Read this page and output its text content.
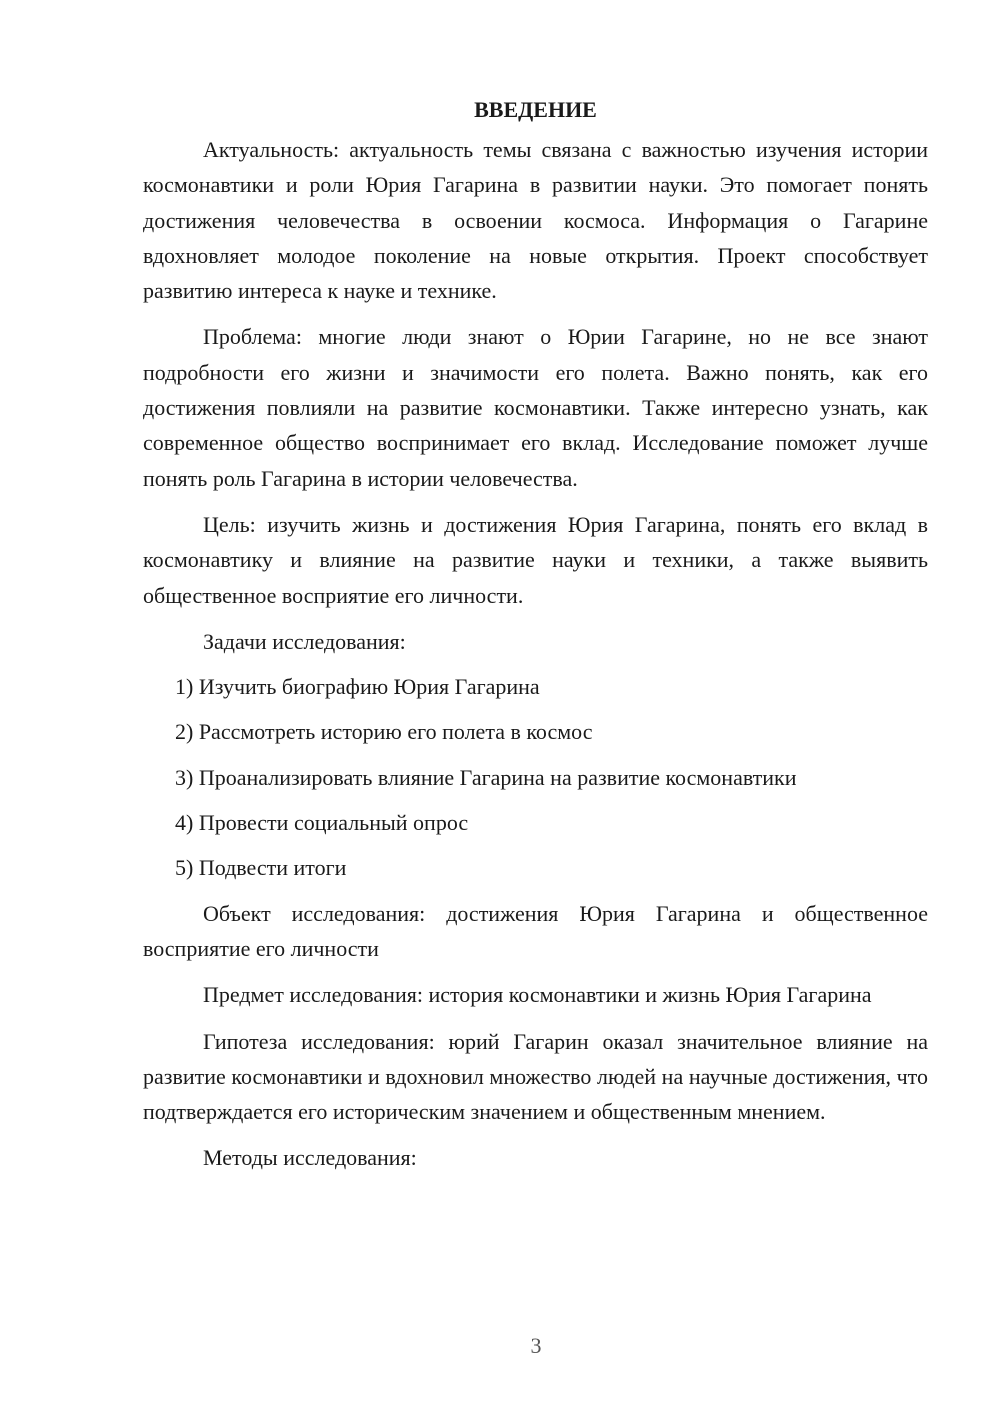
ВВЕДЕНИЕ

Актуальность: актуальность темы связана с важностью изучения истории космонавтики и роли Юрия Гагарина в развитии науки. Это помогает понять достижения человечества в освоении космоса. Информация о Гагарине вдохновляет молодое поколение на новые открытия. Проект способствует развитию интереса к науке и технике.

Проблема: многие люди знают о Юрии Гагарине, но не все знают подробности его жизни и значимости его полета. Важно понять, как его достижения повлияли на развитие космонавтики. Также интересно узнать, как современное общество воспринимает его вклад. Исследование поможет лучше понять роль Гагарина в истории человечества.

Цель: изучить жизнь и достижения Юрия Гагарина, понять его вклад в космонавтику и влияние на развитие науки и техники, а также выявить общественное восприятие его личности.

Задачи исследования:

1) Изучить биографию Юрия Гагарина
2) Рассмотреть историю его полета в космос
3) Проанализировать влияние Гагарина на развитие космонавтики
4) Провести социальный опрос
5) Подвести итоги

Объект исследования: достижения Юрия Гагарина и общественное восприятие его личности

Предмет исследования: история космонавтики и жизнь Юрия Гагарина

Гипотеза исследования: юрий Гагарин оказал значительное влияние на развитие космонавтики и вдохновил множество людей на научные достижения, что подтверждается его историческим значением и общественным мнением.

Методы исследования:

3
